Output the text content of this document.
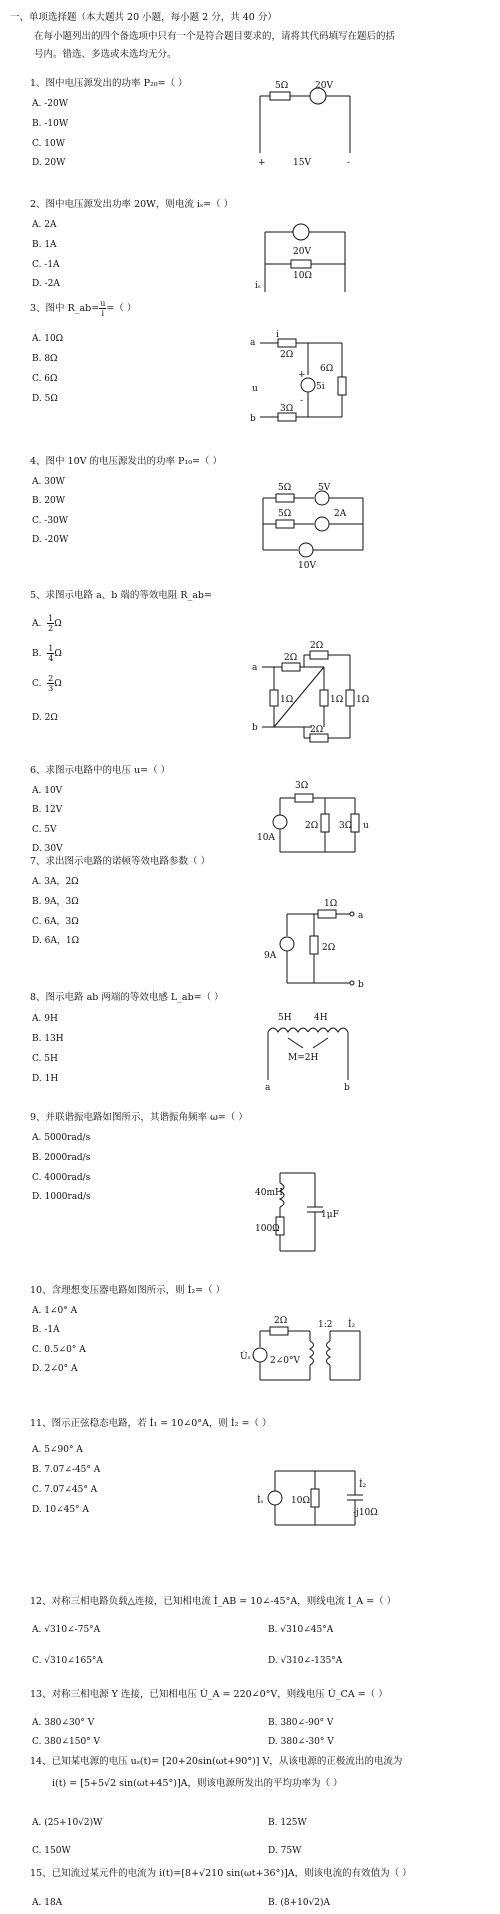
一、单项选择题（本大题共 20 小题，每小题 2 分，共 40 分）
在每小题列出的四个备选项中只有一个是符合题目要求的，请将其代码填写在题后的括
号内。错选、多选或未选均无分。
1、图中电压源发出的功率 P₂₀=（ ）
A. -20W
B. -10W
C. 10W
D. 20W
5Ω	20V
+	15V	-
2、图中电压源发出功率 20W，则电流 iₛ=（ ）
A. 2A
B. 1A
C. -1A
D. -2A
20V
10Ω
iₛ
3、图中 R_ab= $\frac{u}{i}$ =（ ）
A. 10Ω
B. 8Ω
C. 6Ω
D. 5Ω
a
i
2Ω
u	5i
+
-
6Ω
b
3Ω
4、图中 10V 的电压源发出的功率 P₁₀=（ ）
A. 30W
B. 20W
C. -30W
D. -20W
5Ω	5V
5Ω	2A
10V
5、求图示电路 a、b 端的等效电阻 R_ab=
A. $\frac{1}{2}$ Ω
B. $\frac{1}{4}$ Ω
C. $\frac{2}{3}$ Ω
D. 2Ω
a
b
2Ω
2Ω
1Ω	1Ω 1Ω
2Ω
6、求图示电路中的电压 u=（ ）
A. 10V
B. 12V
C. 5V
D. 30V
3Ω
10A
2Ω 3Ω u
7、求出图示电路的诺顿等效电路参数（ ）
A. 3A，2Ω
B. 9A，3Ω
C. 6A，3Ω
D. 6A，1Ω
1Ω
a
9A
2Ω
b
8、图示电路 ab 两端的等效电感 L_ab=（ ）
A. 9H
B. 13H
C. 5H
D. 1H
5H 4H
M=2H
a	b
9、并联谐振电路如图所示，其谐振角频率 ω=（ ）
A. 5000rad/s
B. 2000rad/s
C. 4000rad/s
D. 1000rad/s	40mH
100Ω
1μF
10、含理想变压器电路如图所示，则 İ₂=（ ）
A. 1∠0° A
B. -1A
C. 0.5∠0° A
D. 2∠0° A
2Ω	1:2 İ₂
U̇ₛ 2∠0°V
11、图示正弦稳态电路，若 İ₁ = 10∠0°A，则 İ₂ =（ ）
A. 5∠90° A
B. 7.07∠-45° A
C. 7.07∠45° A
D. 10∠45° A
İₛ	10Ω
İ₂
-j10Ω
12、对称三相电路负载△连接，已知相电流 İ_AB = 10∠-45°A，则线电流 İ_A =（ ）
A. √310∠-75°A	B. √310∠45°A
C. √310∠165°A	D. √310∠-135°A
13、对称三相电源 Y 连接，已知相电压 U̇_A = 220∠0°V，则线电压 U̇_CA =（ ）
A. 380∠30° V	B. 380∠-90° V
C. 380∠150° V	D. 380∠-30° V
14、已知某电源的电压 uₛ(t)= [20+20sin(ωt+90°)] V，从该电源的正极流出的电流为
i(t) = [5+5√2 sin(ωt+45°)]A，则该电源所发出的平均功率为（ ）
A. (25+10√2)W	B. 125W
C. 150W	D. 75W
15、已知流过某元件的电流为 i(t)=[8+√210 sin(ωt+36°)]A，则该电流的有效值为（ ）
A. 18A	B. (8+10√2)A
